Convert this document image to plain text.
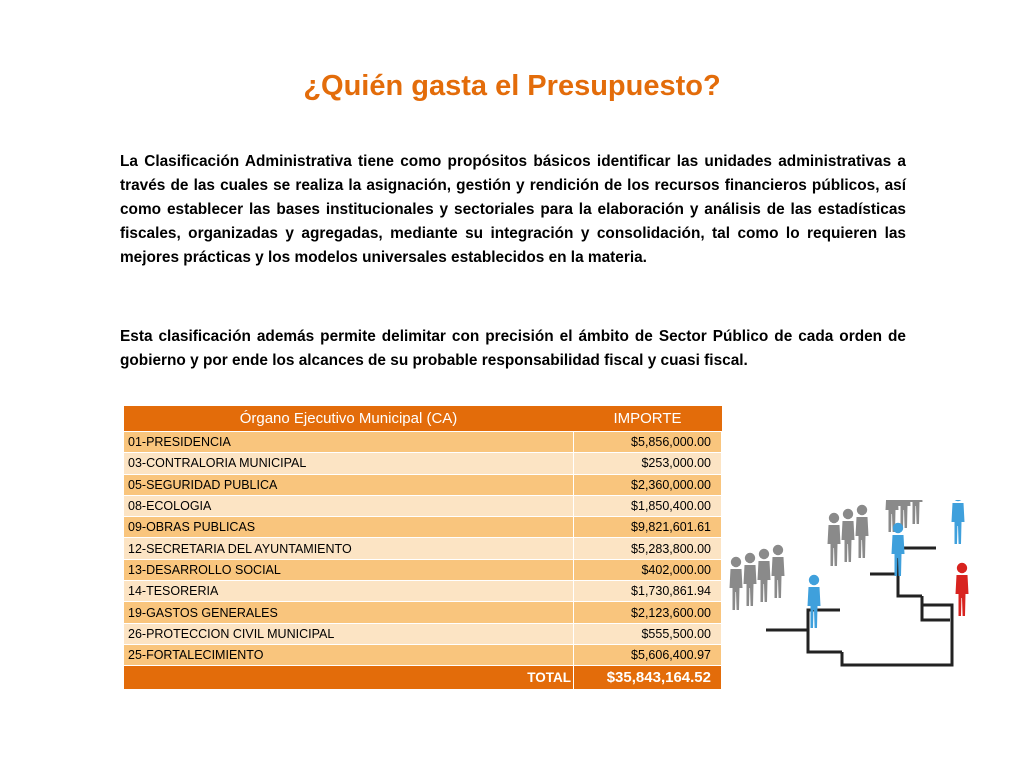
¿Quién gasta el Presupuesto?
La Clasificación Administrativa tiene como propósitos básicos identificar las unidades administrativas a través de las cuales se realiza la asignación, gestión y rendición de los recursos financieros públicos, así como establecer las bases institucionales y sectoriales para la elaboración y análisis de las estadísticas fiscales, organizadas y agregadas, mediante su integración y consolidación, tal como lo requieren las mejores prácticas y los modelos universales establecidos en la materia.
Esta clasificación además permite delimitar con precisión el ámbito de Sector Público de cada orden de gobierno y por ende los alcances de su probable responsabilidad fiscal y cuasi fiscal.
Órgano Ejecutivo Municipal (CA)	IMPORTE
01-PRESIDENCIA	$5,856,000.00
03-CONTRALORIA MUNICIPAL	$253,000.00
05-SEGURIDAD PUBLICA	$2,360,000.00
08-ECOLOGIA	$1,850,400.00
09-OBRAS PUBLICAS	$9,821,601.61
12-SECRETARIA DEL AYUNTAMIENTO	$5,283,800.00
13-DESARROLLO SOCIAL	$402,000.00
14-TESORERIA	$1,730,861.94
19-GASTOS GENERALES	$2,123,600.00
26-PROTECCION CIVIL MUNICIPAL	$555,500.00
25-FORTALECIMIENTO	$5,606,400.97
TOTAL	$35,843,164.52
